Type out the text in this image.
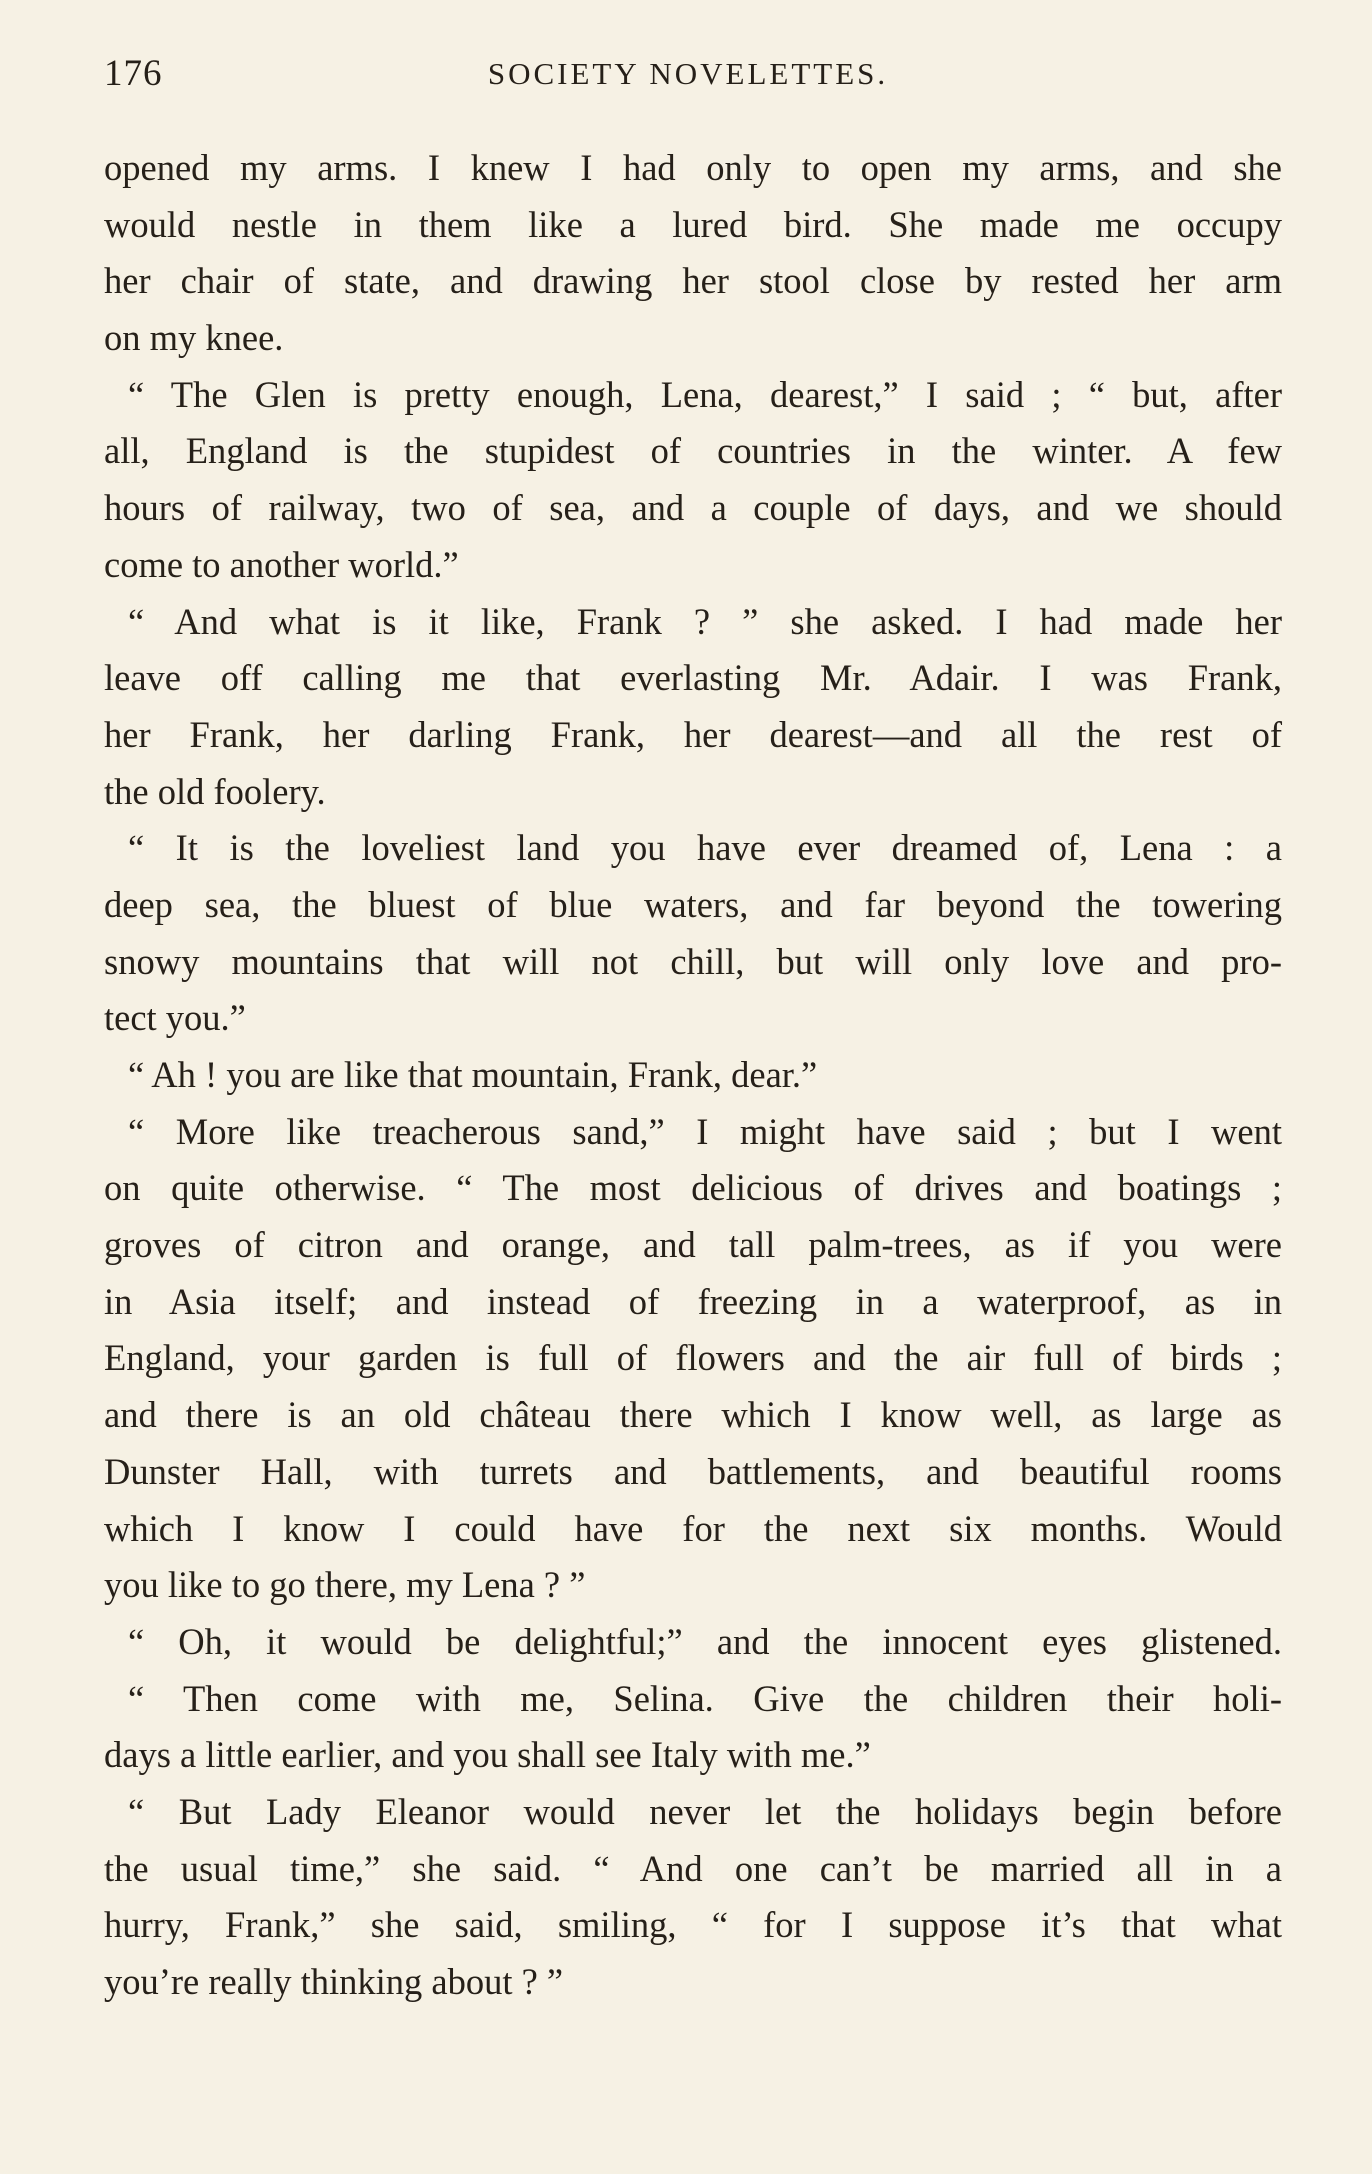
176	SOCIETY NOVELETTES.
opened my arms. I knew I had only to open my arms, and she
would nestle in them like a lured bird. She made me occupy
her chair of state, and drawing her stool close by rested her arm
on my knee.
“ The Glen is pretty enough, Lena, dearest,” I said ; “ but, after
all, England is the stupidest of countries in the winter. A few
hours of railway, two of sea, and a couple of days, and we should
come to another world.”
“ And what is it like, Frank ? ” she asked. I had made her
leave off calling me that everlasting Mr. Adair. I was Frank,
her Frank, her darling Frank, her dearest—and all the rest of
the old foolery.
“ It is the loveliest land you have ever dreamed of, Lena : a
deep sea, the bluest of blue waters, and far beyond the towering
snowy mountains that will not chill, but will only love and pro-
tect you.”
“ Ah ! you are like that mountain, Frank, dear.”
“ More like treacherous sand,” I might have said ; but I went
on quite otherwise. “ The most delicious of drives and boatings ;
groves of citron and orange, and tall palm-trees, as if you were
in Asia itself; and instead of freezing in a waterproof, as in
England, your garden is full of flowers and the air full of birds ;
and there is an old château there which I know well, as large as
Dunster Hall, with turrets and battlements, and beautiful rooms
which I know I could have for the next six months. Would
you like to go there, my Lena ? ”
“ Oh, it would be delightful;” and the innocent eyes glistened.
“ Then come with me, Selina. Give the children their holi-
days a little earlier, and you shall see Italy with me.”
“ But Lady Eleanor would never let the holidays begin before
the usual time,” she said. “ And one can’t be married all in a
hurry, Frank,” she said, smiling, “ for I suppose it’s that what
you’re really thinking about ? ”
